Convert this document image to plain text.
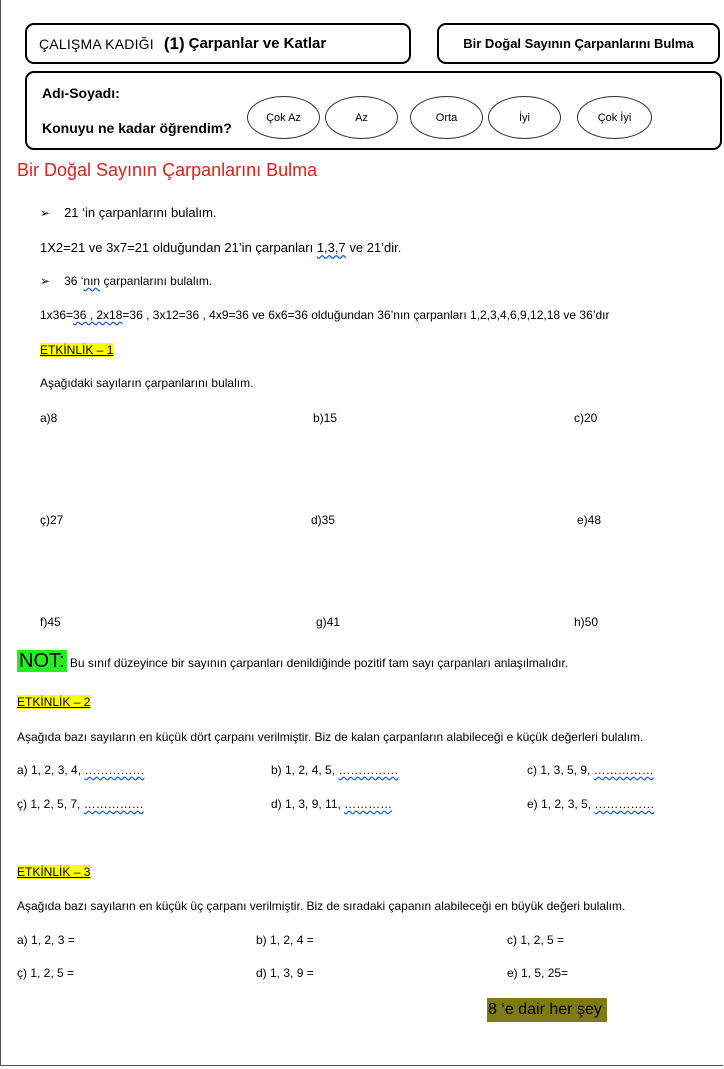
ÇALIŞMA KADIĞI (1) Çarpanlar ve Katlar	Bir Doğal Sayının Çarpanlarını Bulma
Adı-Soyadı:
Konuyu ne kadar öğrendim?
Çok Az	Az	Orta	İyi	Çok İyi
Bir Doğal Sayının Çarpanlarını Bulma
➢ 21 ‘in çarpanlarını bulalım.
1X2=21 ve 3x7=21 olduğundan 21’in çarpanları 1,3,7 ve 21’dir.
➢ 36 ‘nın çarpanlarını bulalım.
1x36=36 , 2x18=36 , 3x12=36 , 4x9=36 ve 6x6=36 olduğundan 36’nın çarpanları 1,2,3,4,6,9,12,18 ve 36’dır
ETKİNLİK – 1
Aşağıdaki sayıların çarpanlarını bulalım.
a)8	b)15	c)20
ç)27	d)35	e)48
f)45	g)41	h)50
NOT: Bu sınıf düzeyince bir sayının çarpanları denildiğinde pozitif tam sayı çarpanları anlaşılmalıdır.
ETKİNLİK – 2
Aşağıda bazı sayıların en küçük dört çarpanı verilmiştir. Biz de kalan çarpanların alabileceği e küçük değerleri bulalım.
a) 1, 2, 3, 4, ……………	b) 1, 2, 4, 5, ……………	c) 1, 3, 5, 9, ……………
ç) 1, 2, 5, 7, ……………	d) 1, 3, 9, 11, …………	e) 1, 2, 3, 5, ……………
ETKİNLİK – 3
Aşağıda bazı sayıların en küçük üç çarpanı verilmiştir. Biz de sıradaki çapanın alabileceği en büyük değeri bulalım.
a) 1, 2, 3 =	b) 1, 2, 4 =	c) 1, 2, 5 =
ç) 1, 2, 5 =	d) 1, 3, 9 =	e) 1, 5, 25=
8 ‘e dair her şey
